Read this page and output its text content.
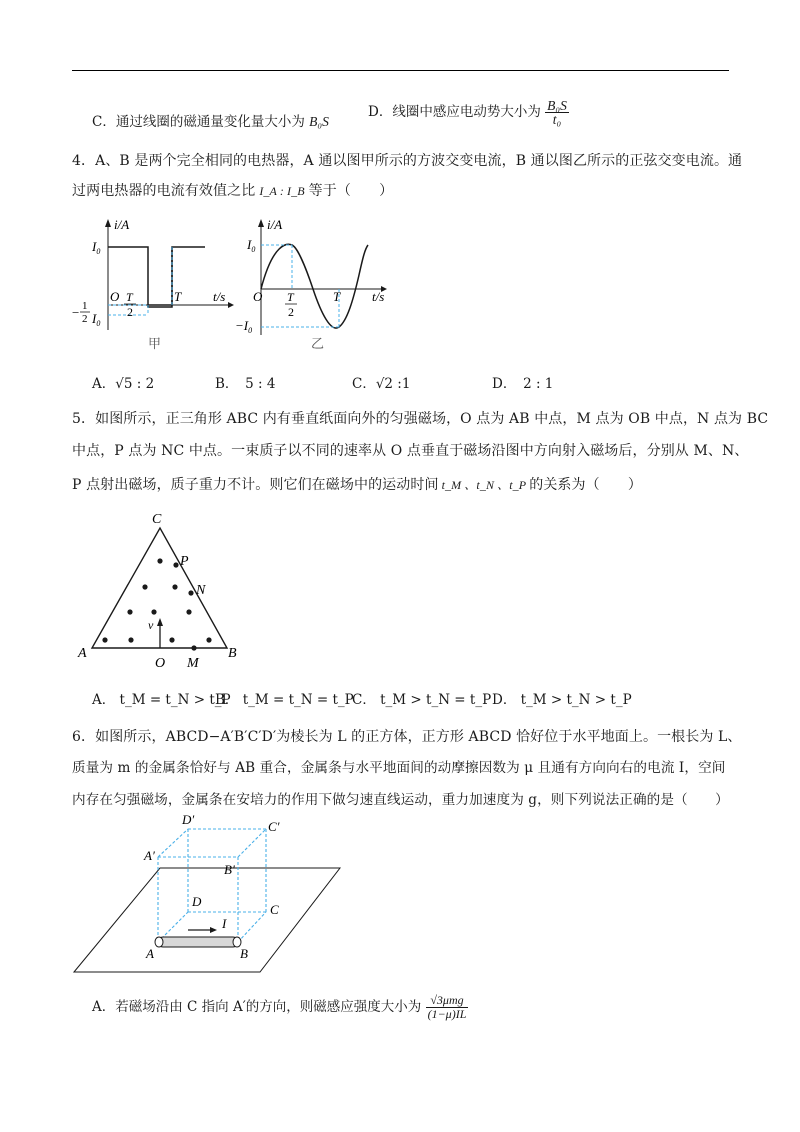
C．通过线圈的磁通量变化量大小为 B₀S
D．线圈中感应电动势大小为 $\frac{\text{B₀S}}{\text{t₀}}$
4．A、B 是两个完全相同的电热器，A 通以图甲所示的方波交变电流，B 通以图乙所示的正弦交变电流。通
过两电热器的电流有效值之比 I_A : I_B 等于（　　）
i/A
$I_0$
O T
2
T t/s
− 1
2 $I_0$
甲
i/A
$I_0$
O T
2
T t/s
$-I_0$
乙
A．√5 : 2	B．　5 : 4	C．√2 :1	D．　2 : 1
5．如图所示，正三角形 ABC 内有垂直纸面向外的匀强磁场，O 点为 AB 中点，M 点为 OB 中点，N 点为 BC
中点，P 点为 NC 中点。一束质子以不同的速率从 O 点垂直于磁场沿图中方向射入磁场后，分别从 M、N、
P 点射出磁场，质子重力不计。则它们在磁场中的运动时间 t_M 、t_N 、t_P 的关系为（　　）
v
A	B
C
O M
N
P
A． t_M = t_N > t_P
B． t_M = t_N = t_P
C． t_M > t_N = t_P D． t_M > t_N > t_P
6．如图所示，ABCD−A′B′C′D′为棱长为 L 的正方体，正方形 ABCD 恰好位于水平地面上。一根长为 L、
质量为 m 的金属条恰好与 AB 重合，金属条与水平地面间的动摩擦因数为 μ 且通有方向向右的电流 I，空间
内存在匀强磁场，金属条在安培力的作用下做匀速直线运动，重力加速度为 g，则下列说法正确的是（　　）
I
A′
B′
C′
D′
A	B
C
D
A．若磁场沿由 C 指向 A′的方向，则磁感应强度大小为 $\frac{\text{√3μmg}}{(1-\mu)IL}$
